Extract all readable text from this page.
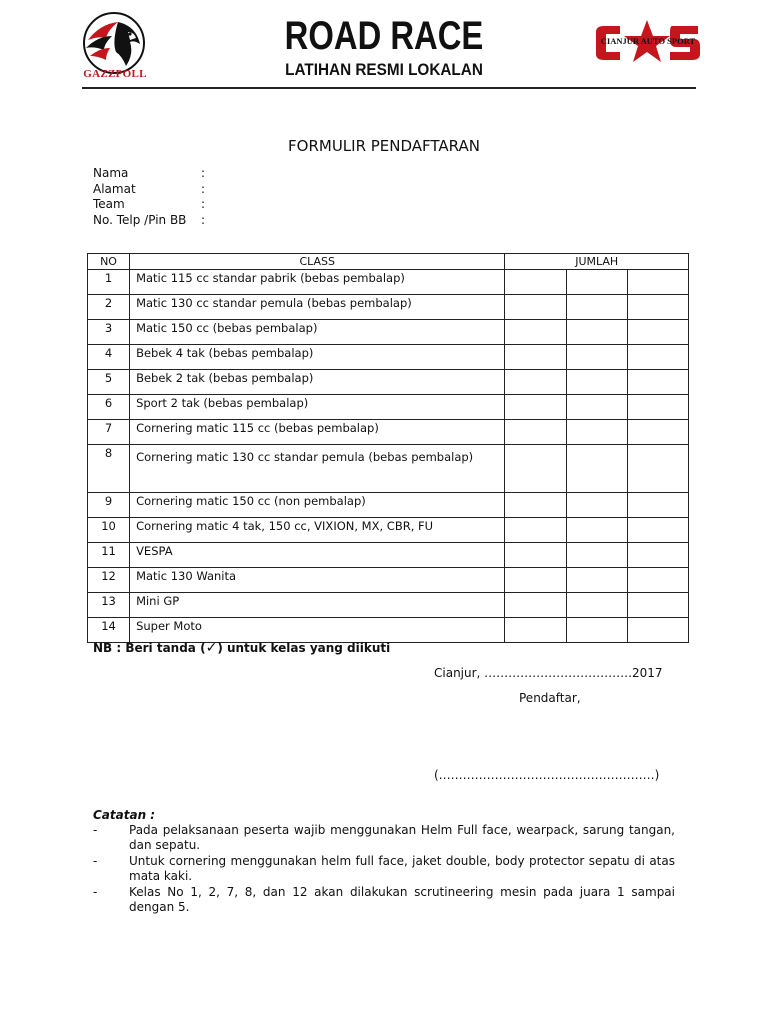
GAZZPOLL
ROAD RACE
LATIHAN RESMI LOKALAN
CIANJUR AUTO SPORT
FORMULIR PENDAFTARAN
Nama	:
Alamat	:
Team	:
No. Telp /Pin BB :
NO	CLASS	JUMLAH		
1	Matic 115 cc standar pabrik (bebas pembalap)			
2	Matic 130 cc standar pemula (bebas pembalap)			
3	Matic 150 cc (bebas pembalap)			
4	Bebek 4 tak (bebas pembalap)			
5	Bebek 2 tak (bebas pembalap)			
6	Sport 2 tak (bebas pembalap)			
7	Cornering matic 115 cc (bebas pembalap)			
8	Cornering matic 130 cc standar pemula (bebas pembalap)			
9	Cornering matic 150 cc (non pembalap)			
10	Cornering matic 4 tak, 150 cc, VIXION, MX, CBR, FU			
11	VESPA			
12	Matic 130 Wanita			
13	Mini GP			
14	Super Moto			
NB : Beri tanda (✓) untuk kelas yang diikuti
Cianjur, ……………………………….2017
Pendaftar,
(………………………………………………)
Catatan :
-	Pada pelaksanaan peserta wajib menggunakan Helm Full face, wearpack, sarung tangan, dan sepatu.
-	Untuk cornering menggunakan helm full face, jaket double, body protector sepatu di atas mata kaki.
-	Kelas No 1, 2, 7, 8, dan 12 akan dilakukan scrutineering mesin pada juara 1 sampai dengan 5.
